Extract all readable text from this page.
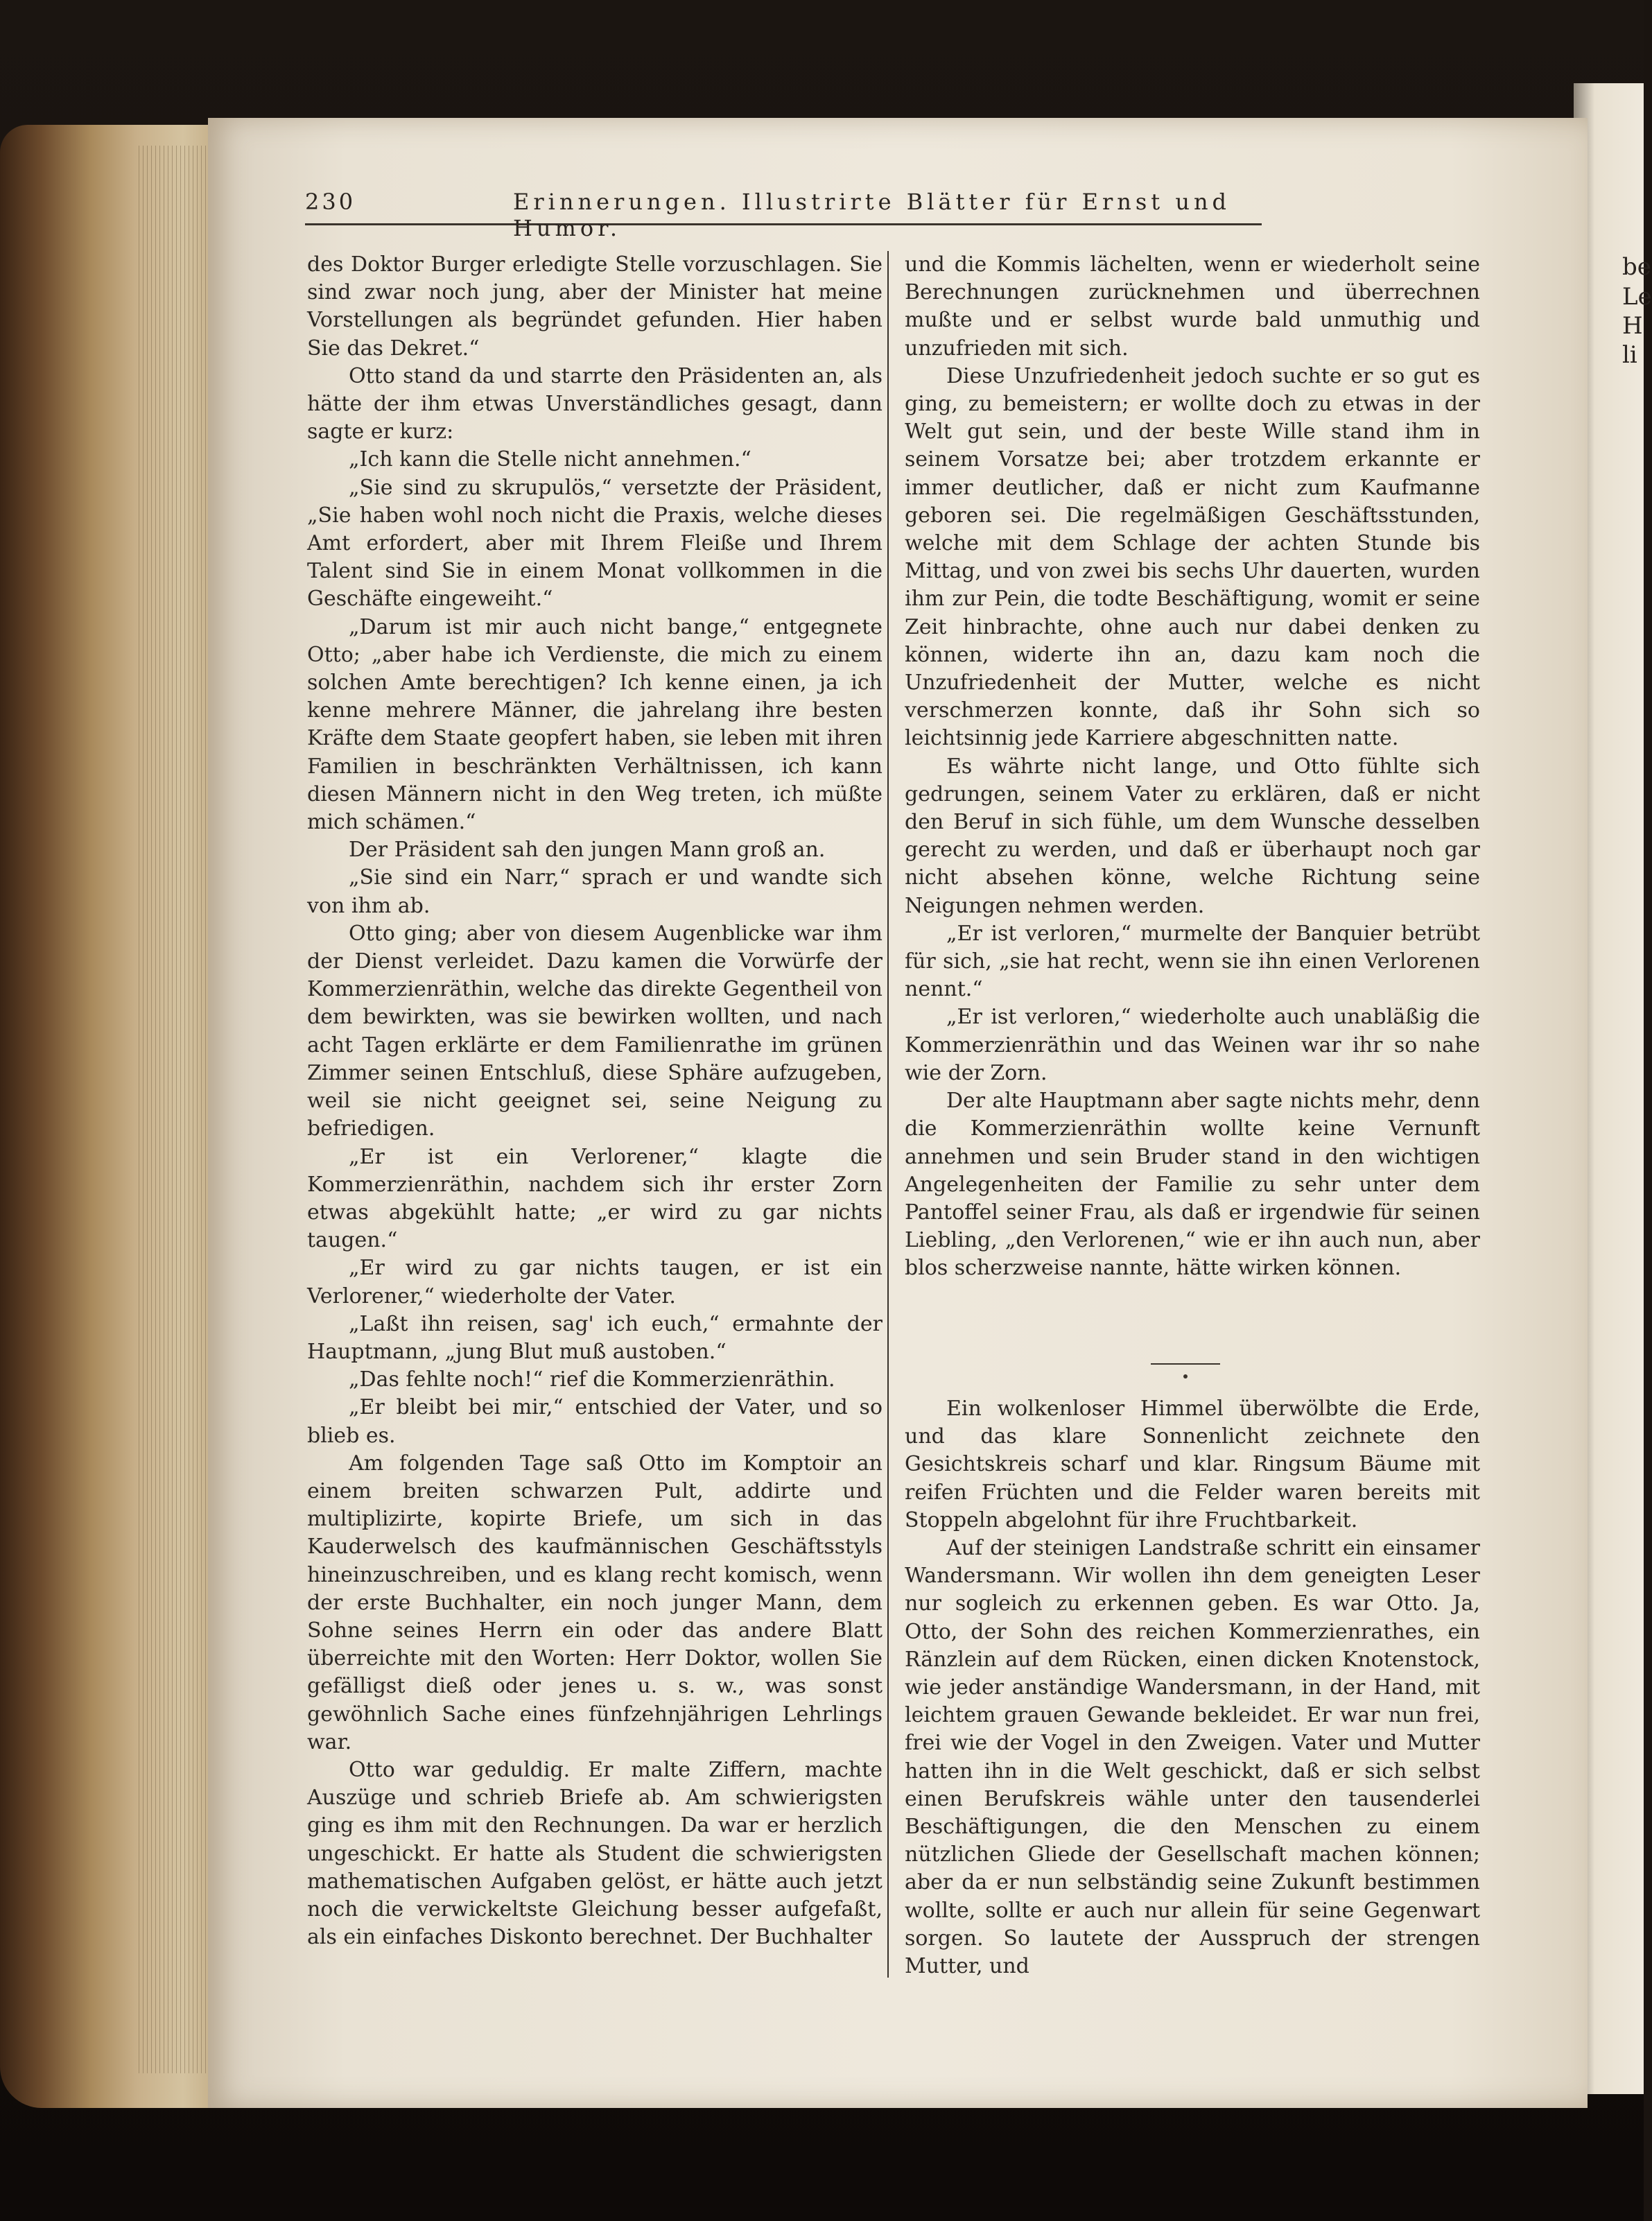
be
Le
H
li
230	Erinnerungen. Illustrirte Blätter für Ernst und Humor.

des Doktor Burger erledigte Stelle vorzuschlagen. Sie sind zwar noch jung, aber der Minister hat meine Vorstellungen als begründet gefunden. Hier haben Sie das Dekret.“

Otto stand da und starrte den Präsidenten an, als hätte der ihm etwas Unverständliches gesagt, dann sagte er kurz:

„Ich kann die Stelle nicht annehmen.“

„Sie sind zu skrupulös,“ versetzte der Präsident, „Sie haben wohl noch nicht die Praxis, welche dieses Amt erfordert, aber mit Ihrem Fleiße und Ihrem Talent sind Sie in einem Monat vollkommen in die Geschäfte eingeweiht.“

„Darum ist mir auch nicht bange,“ entgegnete Otto; „aber habe ich Verdienste, die mich zu einem solchen Amte berechtigen? Ich kenne einen, ja ich kenne mehrere Männer, die jahrelang ihre besten Kräfte dem Staate geopfert haben, sie leben mit ihren Familien in beschränkten Verhältnissen, ich kann diesen Männern nicht in den Weg treten, ich müßte mich schämen.“

Der Präsident sah den jungen Mann groß an.

„Sie sind ein Narr,“ sprach er und wandte sich von ihm ab.

Otto ging; aber von diesem Augenblicke war ihm der Dienst verleidet. Dazu kamen die Vorwürfe der Kommerzienräthin, welche das direkte Gegentheil von dem bewirkten, was sie bewirken wollten, und nach acht Tagen erklärte er dem Familienrathe im grünen Zimmer seinen Entschluß, diese Sphäre aufzugeben, weil sie nicht geeignet sei, seine Neigung zu befriedigen.

„Er ist ein Verlorener,“ klagte die Kommerzienräthin, nachdem sich ihr erster Zorn etwas abgekühlt hatte; „er wird zu gar nichts taugen.“

„Er wird zu gar nichts taugen, er ist ein Verlorener,“ wiederholte der Vater.

„Laßt ihn reisen, sag' ich euch,“ ermahnte der Hauptmann, „jung Blut muß austoben.“

„Das fehlte noch!“ rief die Kommerzienräthin.

„Er bleibt bei mir,“ entschied der Vater, und so blieb es.

Am folgenden Tage saß Otto im Komptoir an einem breiten schwarzen Pult, addirte und multiplizirte, kopirte Briefe, um sich in das Kauderwelsch des kaufmännischen Geschäftsstyls hineinzuschreiben, und es klang recht komisch, wenn der erste Buchhalter, ein noch junger Mann, dem Sohne seines Herrn ein oder das andere Blatt überreichte mit den Worten: Herr Doktor, wollen Sie gefälligst dieß oder jenes u. s. w., was sonst gewöhnlich Sache eines fünfzehnjährigen Lehrlings war.

Otto war geduldig. Er malte Ziffern, machte Auszüge und schrieb Briefe ab. Am schwierigsten ging es ihm mit den Rechnungen. Da war er herzlich ungeschickt. Er hatte als Student die schwierigsten mathematischen Aufgaben gelöst, er hätte auch jetzt noch die verwickeltste Gleichung besser aufgefaßt, als ein einfaches Diskonto berechnet. Der Buchhalter

und die Kommis lächelten, wenn er wiederholt seine Berechnungen zurücknehmen und überrechnen mußte und er selbst wurde bald unmuthig und unzufrieden mit sich.

Diese Unzufriedenheit jedoch suchte er so gut es ging, zu bemeistern; er wollte doch zu etwas in der Welt gut sein, und der beste Wille stand ihm in seinem Vorsatze bei; aber trotzdem erkannte er immer deutlicher, daß er nicht zum Kaufmanne geboren sei. Die regelmäßigen Geschäftsstunden, welche mit dem Schlage der achten Stunde bis Mittag, und von zwei bis sechs Uhr dauerten, wurden ihm zur Pein, die todte Beschäftigung, womit er seine Zeit hinbrachte, ohne auch nur dabei denken zu können, widerte ihn an, dazu kam noch die Unzufriedenheit der Mutter, welche es nicht verschmerzen konnte, daß ihr Sohn sich so leichtsinnig jede Karriere abgeschnitten natte.

Es währte nicht lange, und Otto fühlte sich gedrungen, seinem Vater zu erklären, daß er nicht den Beruf in sich fühle, um dem Wunsche desselben gerecht zu werden, und daß er überhaupt noch gar nicht absehen könne, welche Richtung seine Neigungen nehmen werden.

„Er ist verloren,“ murmelte der Banquier betrübt für sich, „sie hat recht, wenn sie ihn einen Verlorenen nennt.“

„Er ist verloren,“ wiederholte auch unabläßig die Kommerzienräthin und das Weinen war ihr so nahe wie der Zorn.

Der alte Hauptmann aber sagte nichts mehr, denn die Kommerzienräthin wollte keine Vernunft annehmen und sein Bruder stand in den wichtigen Angelegenheiten der Familie zu sehr unter dem Pantoffel seiner Frau, als daß er irgendwie für seinen Liebling, „den Verlorenen,“ wie er ihn auch nun, aber blos scherzweise nannte, hätte wirken können.

Ein wolkenloser Himmel überwölbte die Erde, und das klare Sonnenlicht zeichnete den Gesichtskreis scharf und klar. Ringsum Bäume mit reifen Früchten und die Felder waren bereits mit Stoppeln abgelohnt für ihre Fruchtbarkeit.

Auf der steinigen Landstraße schritt ein einsamer Wandersmann. Wir wollen ihn dem geneigten Leser nur sogleich zu erkennen geben. Es war Otto. Ja, Otto, der Sohn des reichen Kommerzienrathes, ein Ränzlein auf dem Rücken, einen dicken Knotenstock, wie jeder anständige Wandersmann, in der Hand, mit leichtem grauen Gewande bekleidet. Er war nun frei, frei wie der Vogel in den Zweigen. Vater und Mutter hatten ihn in die Welt geschickt, daß er sich selbst einen Berufskreis wähle unter den tausenderlei Beschäftigungen, die den Menschen zu einem nützlichen Gliede der Gesellschaft machen können; aber da er nun selbständig seine Zukunft bestimmen wollte, sollte er auch nur allein für seine Gegenwart sorgen. So lautete der Ausspruch der strengen Mutter, und
